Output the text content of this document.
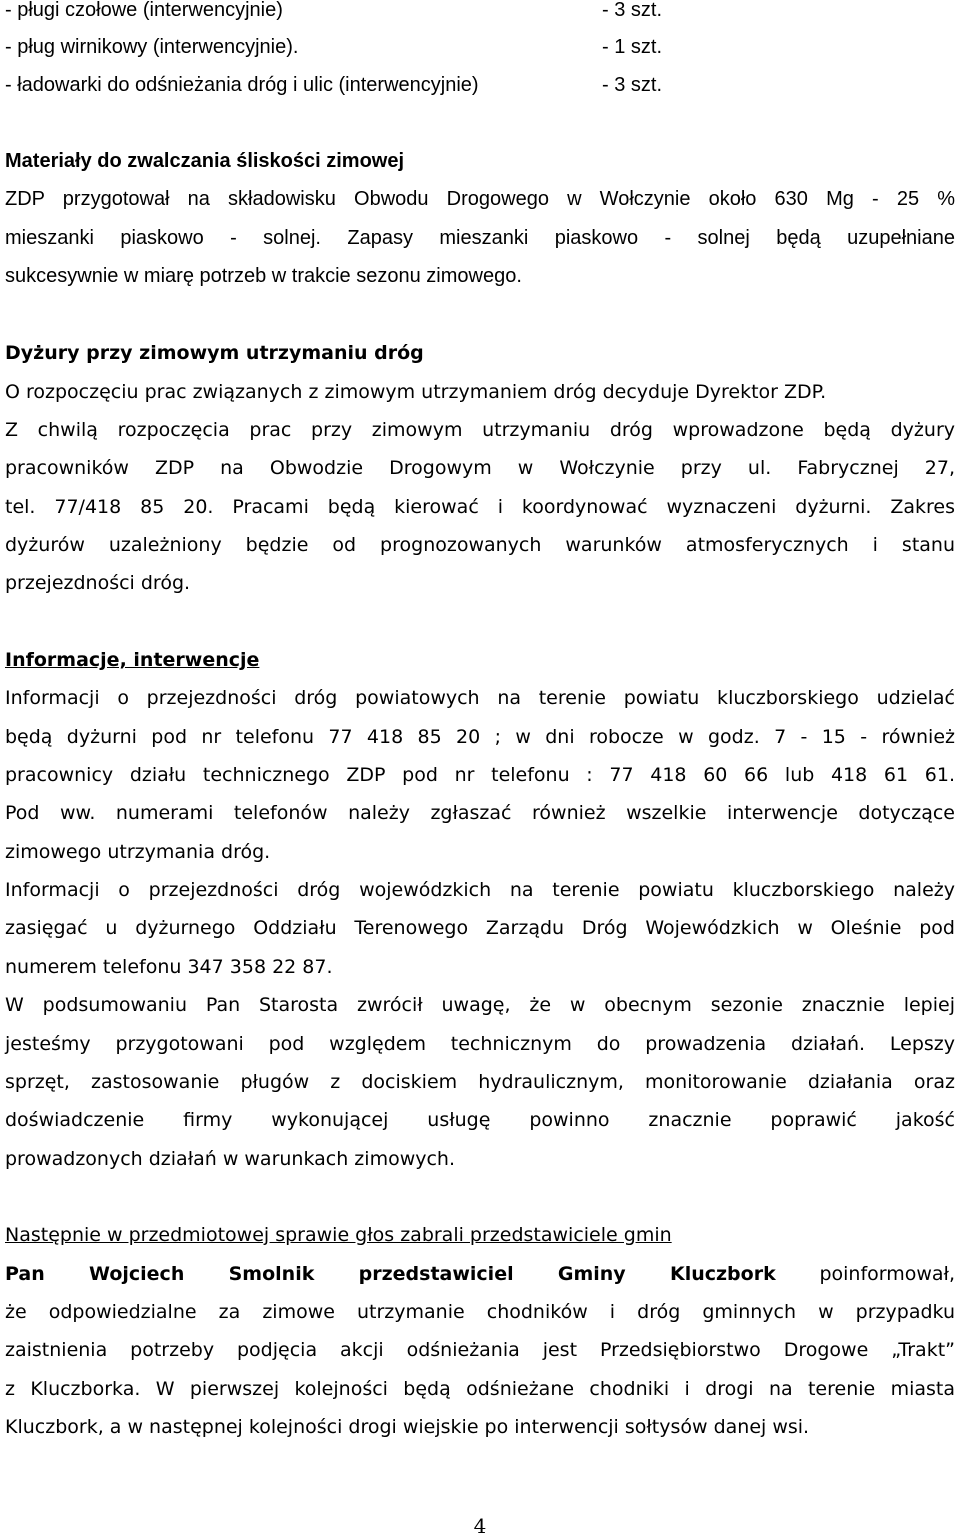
- pługi czołowe (interwencyjnie)	- 3 szt.
- pług wirnikowy (interwencyjnie).	- 1 szt.
- ładowarki do odśnieżania dróg i ulic (interwencyjnie)	- 3 szt.
Materiały do zwalczania śliskości zimowej
ZDP przygotował na składowisku Obwodu Drogowego w Wołczynie około 630 Mg - 25 %
mieszanki piaskowo - solnej. Zapasy mieszanki piaskowo - solnej będą uzupełniane
sukcesywnie w miarę potrzeb w trakcie sezonu zimowego.
Dyżury przy zimowym utrzymaniu dróg
O rozpoczęciu prac związanych z zimowym utrzymaniem dróg decyduje Dyrektor ZDP.
Z chwilą rozpoczęcia prac przy zimowym utrzymaniu dróg wprowadzone będą dyżury
pracowników ZDP na Obwodzie Drogowym w Wołczynie przy ul. Fabrycznej 27,
tel. 77/418 85 20. Pracami będą kierować i koordynować wyznaczeni dyżurni. Zakres
dyżurów uzależniony będzie od prognozowanych warunków atmosferycznych i stanu
przejezdności dróg.
Informacje, interwencje
Informacji o przejezdności dróg powiatowych na terenie powiatu kluczborskiego udzielać
będą dyżurni pod nr telefonu 77 418 85 20 ; w dni robocze w godz. 7 - 15 - również
pracownicy działu technicznego ZDP pod nr telefonu : 77 418 60 66 lub 418 61 61.
Pod ww. numerami telefonów należy zgłaszać również wszelkie interwencje dotyczące
zimowego utrzymania dróg.
Informacji o przejezdności dróg wojewódzkich na terenie powiatu kluczborskiego należy
zasięgać u dyżurnego Oddziału Terenowego Zarządu Dróg Wojewódzkich w Oleśnie pod
numerem telefonu 347 358 22 87.
W podsumowaniu Pan Starosta zwrócił uwagę, że w obecnym sezonie znacznie lepiej
jesteśmy przygotowani pod względem technicznym do prowadzenia działań. Lepszy
sprzęt, zastosowanie pługów z dociskiem hydraulicznym, monitorowanie działania oraz
doświadczenie firmy wykonującej usługę powinno znacznie poprawić jakość
prowadzonych działań w warunkach zimowych.
Następnie w przedmiotowej sprawie głos zabrali przedstawiciele gmin
Pan Wojciech Smolnik przedstawiciel Gminy Kluczbork poinformował,
że odpowiedzialne za zimowe utrzymanie chodników i dróg gminnych w przypadku
zaistnienia potrzeby podjęcia akcji odśnieżania jest Przedsiębiorstwo Drogowe „Trakt”
z Kluczborka. W pierwszej kolejności będą odśnieżane chodniki i drogi na terenie miasta
Kluczbork, a w następnej kolejności drogi wiejskie po interwencji sołtysów danej wsi.
4
